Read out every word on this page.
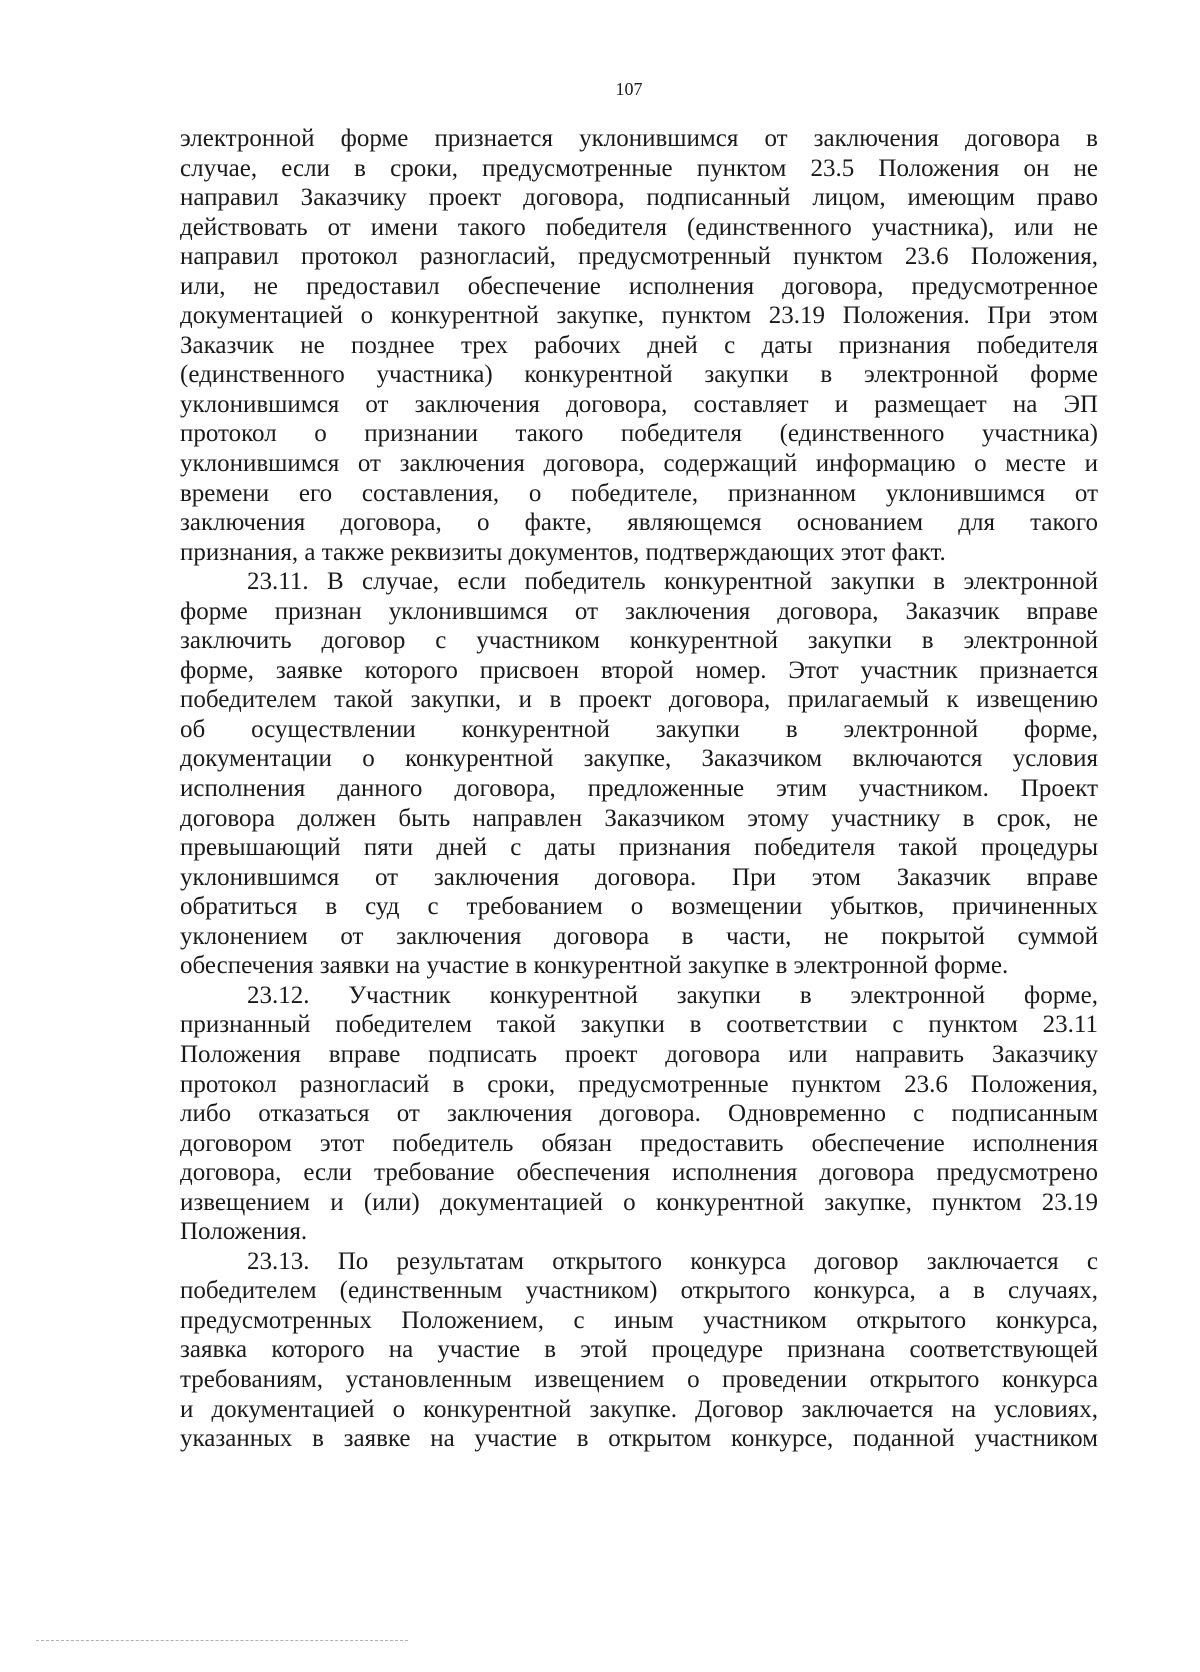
107
электронной форме признается уклонившимся от заключения договора в
случае, если в сроки, предусмотренные пунктом 23.5 Положения он не
направил Заказчику проект договора, подписанный лицом, имеющим право
действовать от имени такого победителя (единственного участника), или не
направил протокол разногласий, предусмотренный пунктом 23.6 Положения,
или, не предоставил обеспечение исполнения договора, предусмотренное
документацией о конкурентной закупке, пунктом 23.19 Положения. При этом
Заказчик не позднее трех рабочих дней с даты признания победителя
(единственного участника) конкурентной закупки в электронной форме
уклонившимся от заключения договора, составляет и размещает на ЭП
протокол о признании такого победителя (единственного участника)
уклонившимся от заключения договора, содержащий информацию о месте и
времени его составления, о победителе, признанном уклонившимся от
заключения договора, о факте, являющемся основанием для такого
признания, а также реквизиты документов, подтверждающих этот факт.
23.11. В случае, если победитель конкурентной закупки в электронной
форме признан уклонившимся от заключения договора, Заказчик вправе
заключить договор с участником конкурентной закупки в электронной
форме, заявке которого присвоен второй номер. Этот участник признается
победителем такой закупки, и в проект договора, прилагаемый к извещению
об осуществлении конкурентной закупки в электронной форме,
документации о конкурентной закупке, Заказчиком включаются условия
исполнения данного договора, предложенные этим участником. Проект
договора должен быть направлен Заказчиком этому участнику в срок, не
превышающий пяти дней с даты признания победителя такой процедуры
уклонившимся от заключения договора. При этом Заказчик вправе
обратиться в суд с требованием о возмещении убытков, причиненных
уклонением от заключения договора в части, не покрытой суммой
обеспечения заявки на участие в конкурентной закупке в электронной форме.
23.12. Участник конкурентной закупки в электронной форме,
признанный победителем такой закупки в соответствии с пунктом 23.11
Положения вправе подписать проект договора или направить Заказчику
протокол разногласий в сроки, предусмотренные пунктом 23.6 Положения,
либо отказаться от заключения договора. Одновременно с подписанным
договором этот победитель обязан предоставить обеспечение исполнения
договора, если требование обеспечения исполнения договора предусмотрено
извещением и (или) документацией о конкурентной закупке, пунктом 23.19
Положения.
23.13. По результатам открытого конкурса договор заключается с
победителем (единственным участником) открытого конкурса, а в случаях,
предусмотренных Положением, с иным участником открытого конкурса,
заявка которого на участие в этой процедуре признана соответствующей
требованиям, установленным извещением о проведении открытого конкурса
и документацией о конкурентной закупке. Договор заключается на условиях,
указанных в заявке на участие в открытом конкурсе, поданной участником
